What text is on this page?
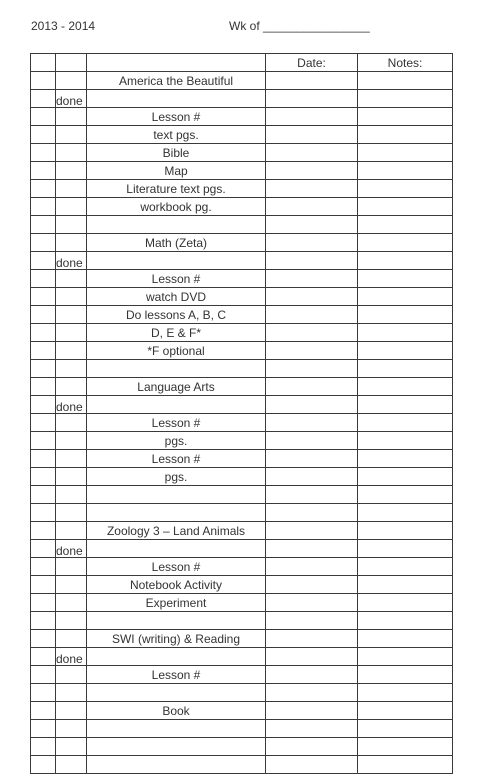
2013 - 2014	Wk of ________________
			Date:	Notes:
		America the Beautiful		
	done			
		Lesson #		
		text pgs.		
		Bible		
		Map		
		Literature text pgs.		
		workbook pg.		

		Math (Zeta)		
	done			
		Lesson #		
		watch DVD		
		Do lessons A, B, C		
		D, E & F*		
		*F optional		

		Language Arts		
	done			
		Lesson #		
		pgs.		
		Lesson #		
		pgs.		

		Zoology 3 – Land Animals		
	done			
		Lesson #		
		Notebook Activity		
		Experiment		

		SWI (writing) & Reading		
	done			
		Lesson #		

		Book		
